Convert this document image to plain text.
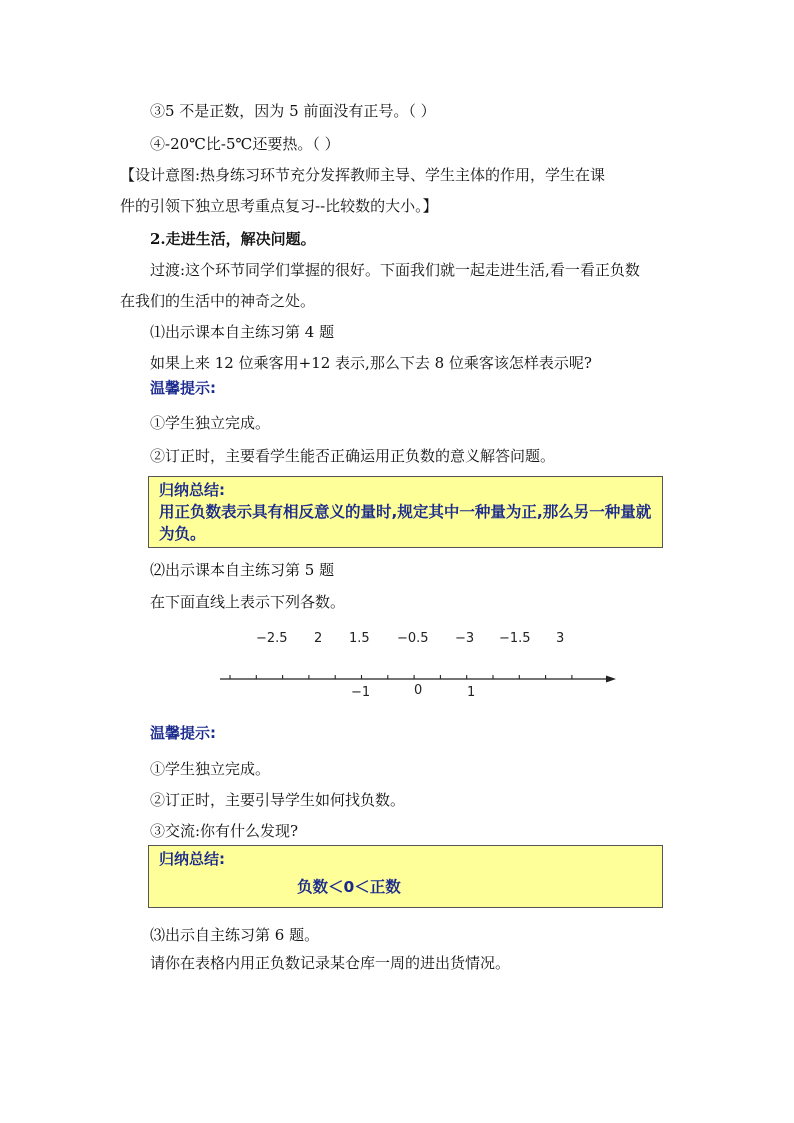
③5 不是正数，因为 5 前面没有正号。（ ）
④-20℃比-5℃还要热。（ ）
【设计意图:热身练习环节充分发挥教师主导、学生主体的作用，学生在课
件的引领下独立思考重点复习--比较数的大小。】
2.走进生活，解决问题。
过渡:这个环节同学们掌握的很好。下面我们就一起走进生活,看一看正负数
在我们的生活中的神奇之处。
⑴出示课本自主练习第 4 题
如果上来 12 位乘客用+12 表示,那么下去 8 位乘客该怎样表示呢?
温馨提示:
①学生独立完成。
②订正时，主要看学生能否正确运用正负数的意义解答问题。
归纳总结:
用正负数表示具有相反意义的量时,规定其中一种量为正,那么另一种量就为负。
⑵出示课本自主练习第 5 题
在下面直线上表示下列各数。
−2.5 2 1.5 −0.5 −3 −1.5 3
−1	0	1
温馨提示:
①学生独立完成。
②订正时，主要引导学生如何找负数。
③交流:你有什么发现?
归纳总结:
负数＜0＜正数
⑶出示自主练习第 6 题。
请你在表格内用正负数记录某仓库一周的进出货情况。
